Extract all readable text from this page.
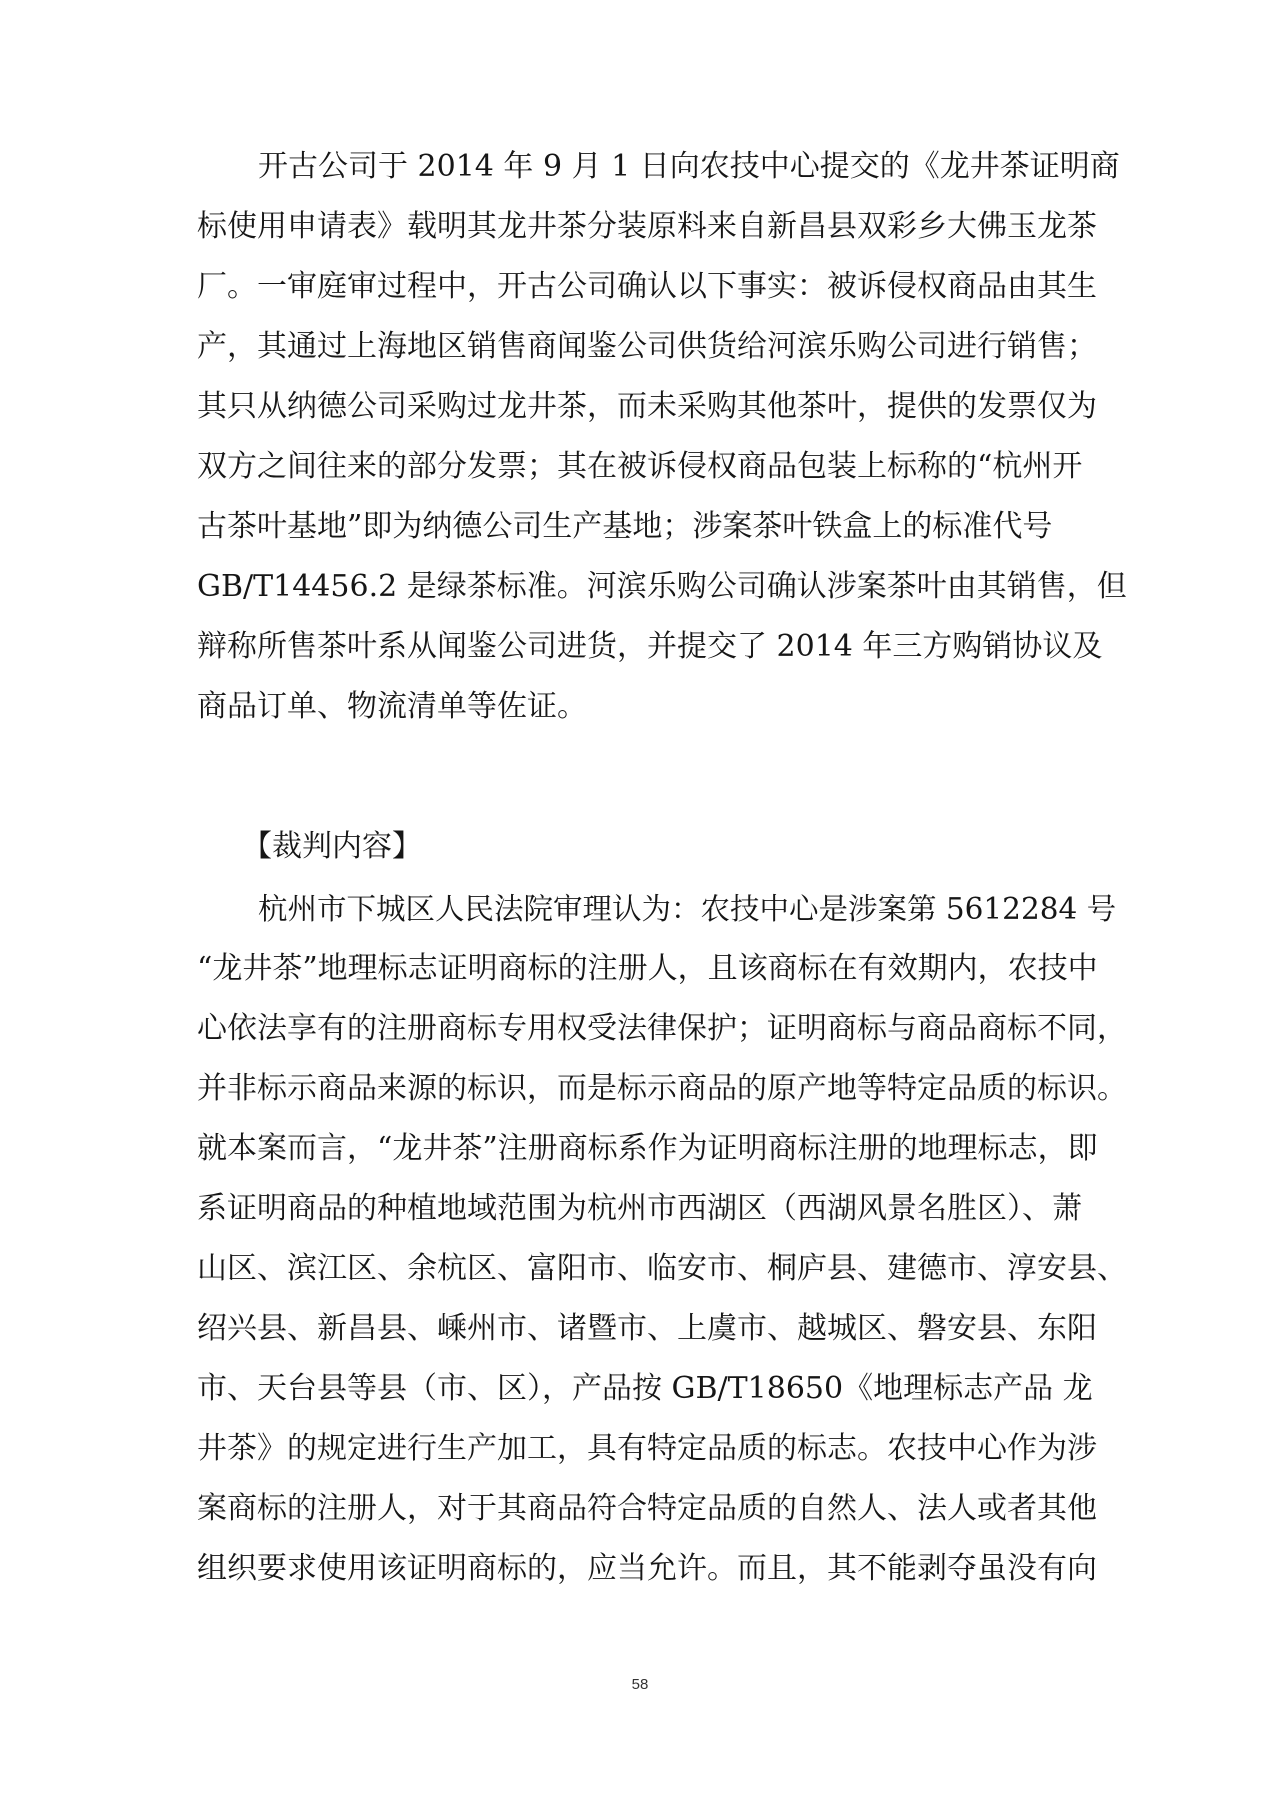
开古公司于 2014 年 9 月 1 日向农技中心提交的《龙井茶证明商

标使用申请表》载明其龙井茶分装原料来自新昌县双彩乡大佛玉龙茶

厂。一审庭审过程中，开古公司确认以下事实：被诉侵权商品由其生

产，其通过上海地区销售商闻鉴公司供货给河滨乐购公司进行销售；

其只从纳德公司采购过龙井茶，而未采购其他茶叶，提供的发票仅为

双方之间往来的部分发票；其在被诉侵权商品包装上标称的“杭州开

古茶叶基地”即为纳德公司生产基地；涉案茶叶铁盒上的标准代号

GB/T14456.2 是绿茶标准。河滨乐购公司确认涉案茶叶由其销售，但

辩称所售茶叶系从闻鉴公司进货，并提交了 2014 年三方购销协议及

商品订单、物流清单等佐证。

【裁判内容】

杭州市下城区人民法院审理认为：农技中心是涉案第 5612284 号

“龙井茶”地理标志证明商标的注册人，且该商标在有效期内，农技中

心依法享有的注册商标专用权受法律保护；证明商标与商品商标不同，

并非标示商品来源的标识，而是标示商品的原产地等特定品质的标识。

就本案而言，“龙井茶”注册商标系作为证明商标注册的地理标志，即

系证明商品的种植地域范围为杭州市西湖区（西湖风景名胜区）、萧

山区、滨江区、余杭区、富阳市、临安市、桐庐县、建德市、淳安县、

绍兴县、新昌县、嵊州市、诸暨市、上虞市、越城区、磐安县、东阳

市、天台县等县（市、区），产品按 GB/T18650《地理标志产品 龙

井茶》的规定进行生产加工，具有特定品质的标志。农技中心作为涉

案商标的注册人，对于其商品符合特定品质的自然人、法人或者其他

组织要求使用该证明商标的，应当允许。而且，其不能剥夺虽没有向

58
